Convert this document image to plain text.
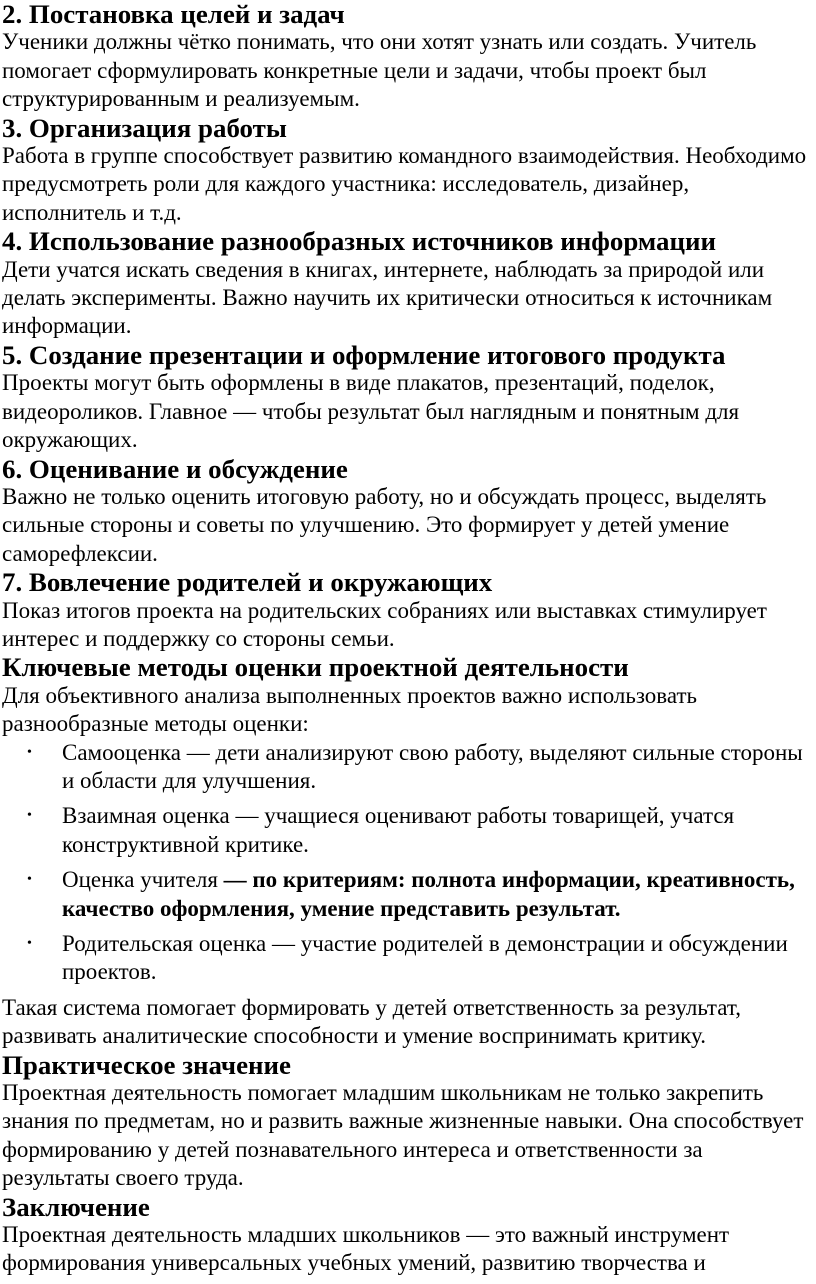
2. Постановка целей и задач

Ученики должны чётко понимать, что они хотят узнать или создать. Учитель помогает сформулировать конкретные цели и задачи, чтобы проект был структурированным и реализуемым.

3. Организация работы

Работа в группе способствует развитию командного взаимодействия. Необходимо предусмотреть роли для каждого участника: исследователь, дизайнер, исполнитель и т.д.

4. Использование разнообразных источников информации

Дети учатся искать сведения в книгах, интернете, наблюдать за природой или делать эксперименты. Важно научить их критически относиться к источникам информации.

5. Создание презентации и оформление итогового продукта

Проекты могут быть оформлены в виде плакатов, презентаций, поделок, видеороликов. Главное — чтобы результат был наглядным и понятным для окружающих.

6. Оценивание и обсуждение

Важно не только оценить итоговую работу, но и обсуждать процесс, выделять сильные стороны и советы по улучшению. Это формирует у детей умение саморефлексии.

7. Вовлечение родителей и окружающих

Показ итогов проекта на родительских собраниях или выставках стимулирует интерес и поддержку со стороны семьи.

Ключевые методы оценки проектной деятельности

Для объективного анализа выполненных проектов важно использовать разнообразные методы оценки:

• Самооценка — дети анализируют свою работу, выделяют сильные стороны и области для улучшения.
• Взаимная оценка — учащиеся оценивают работы товарищей, учатся конструктивной критике.
• Оценка учителя — по критериям: полнота информации, креативность, качество оформления, умение представить результат.
• Родительская оценка — участие родителей в демонстрации и обсуждении проектов.

Такая система помогает формировать у детей ответственность за результат, развивать аналитические способности и умение воспринимать критику.

Практическое значение

Проектная деятельность помогает младшим школьникам не только закрепить знания по предметам, но и развить важные жизненные навыки. Она способствует формированию у детей познавательного интереса и ответственности за результаты своего труда.

Заключение

Проектная деятельность младших школьников — это важный инструмент формирования универсальных учебных умений, развитию творчества и
